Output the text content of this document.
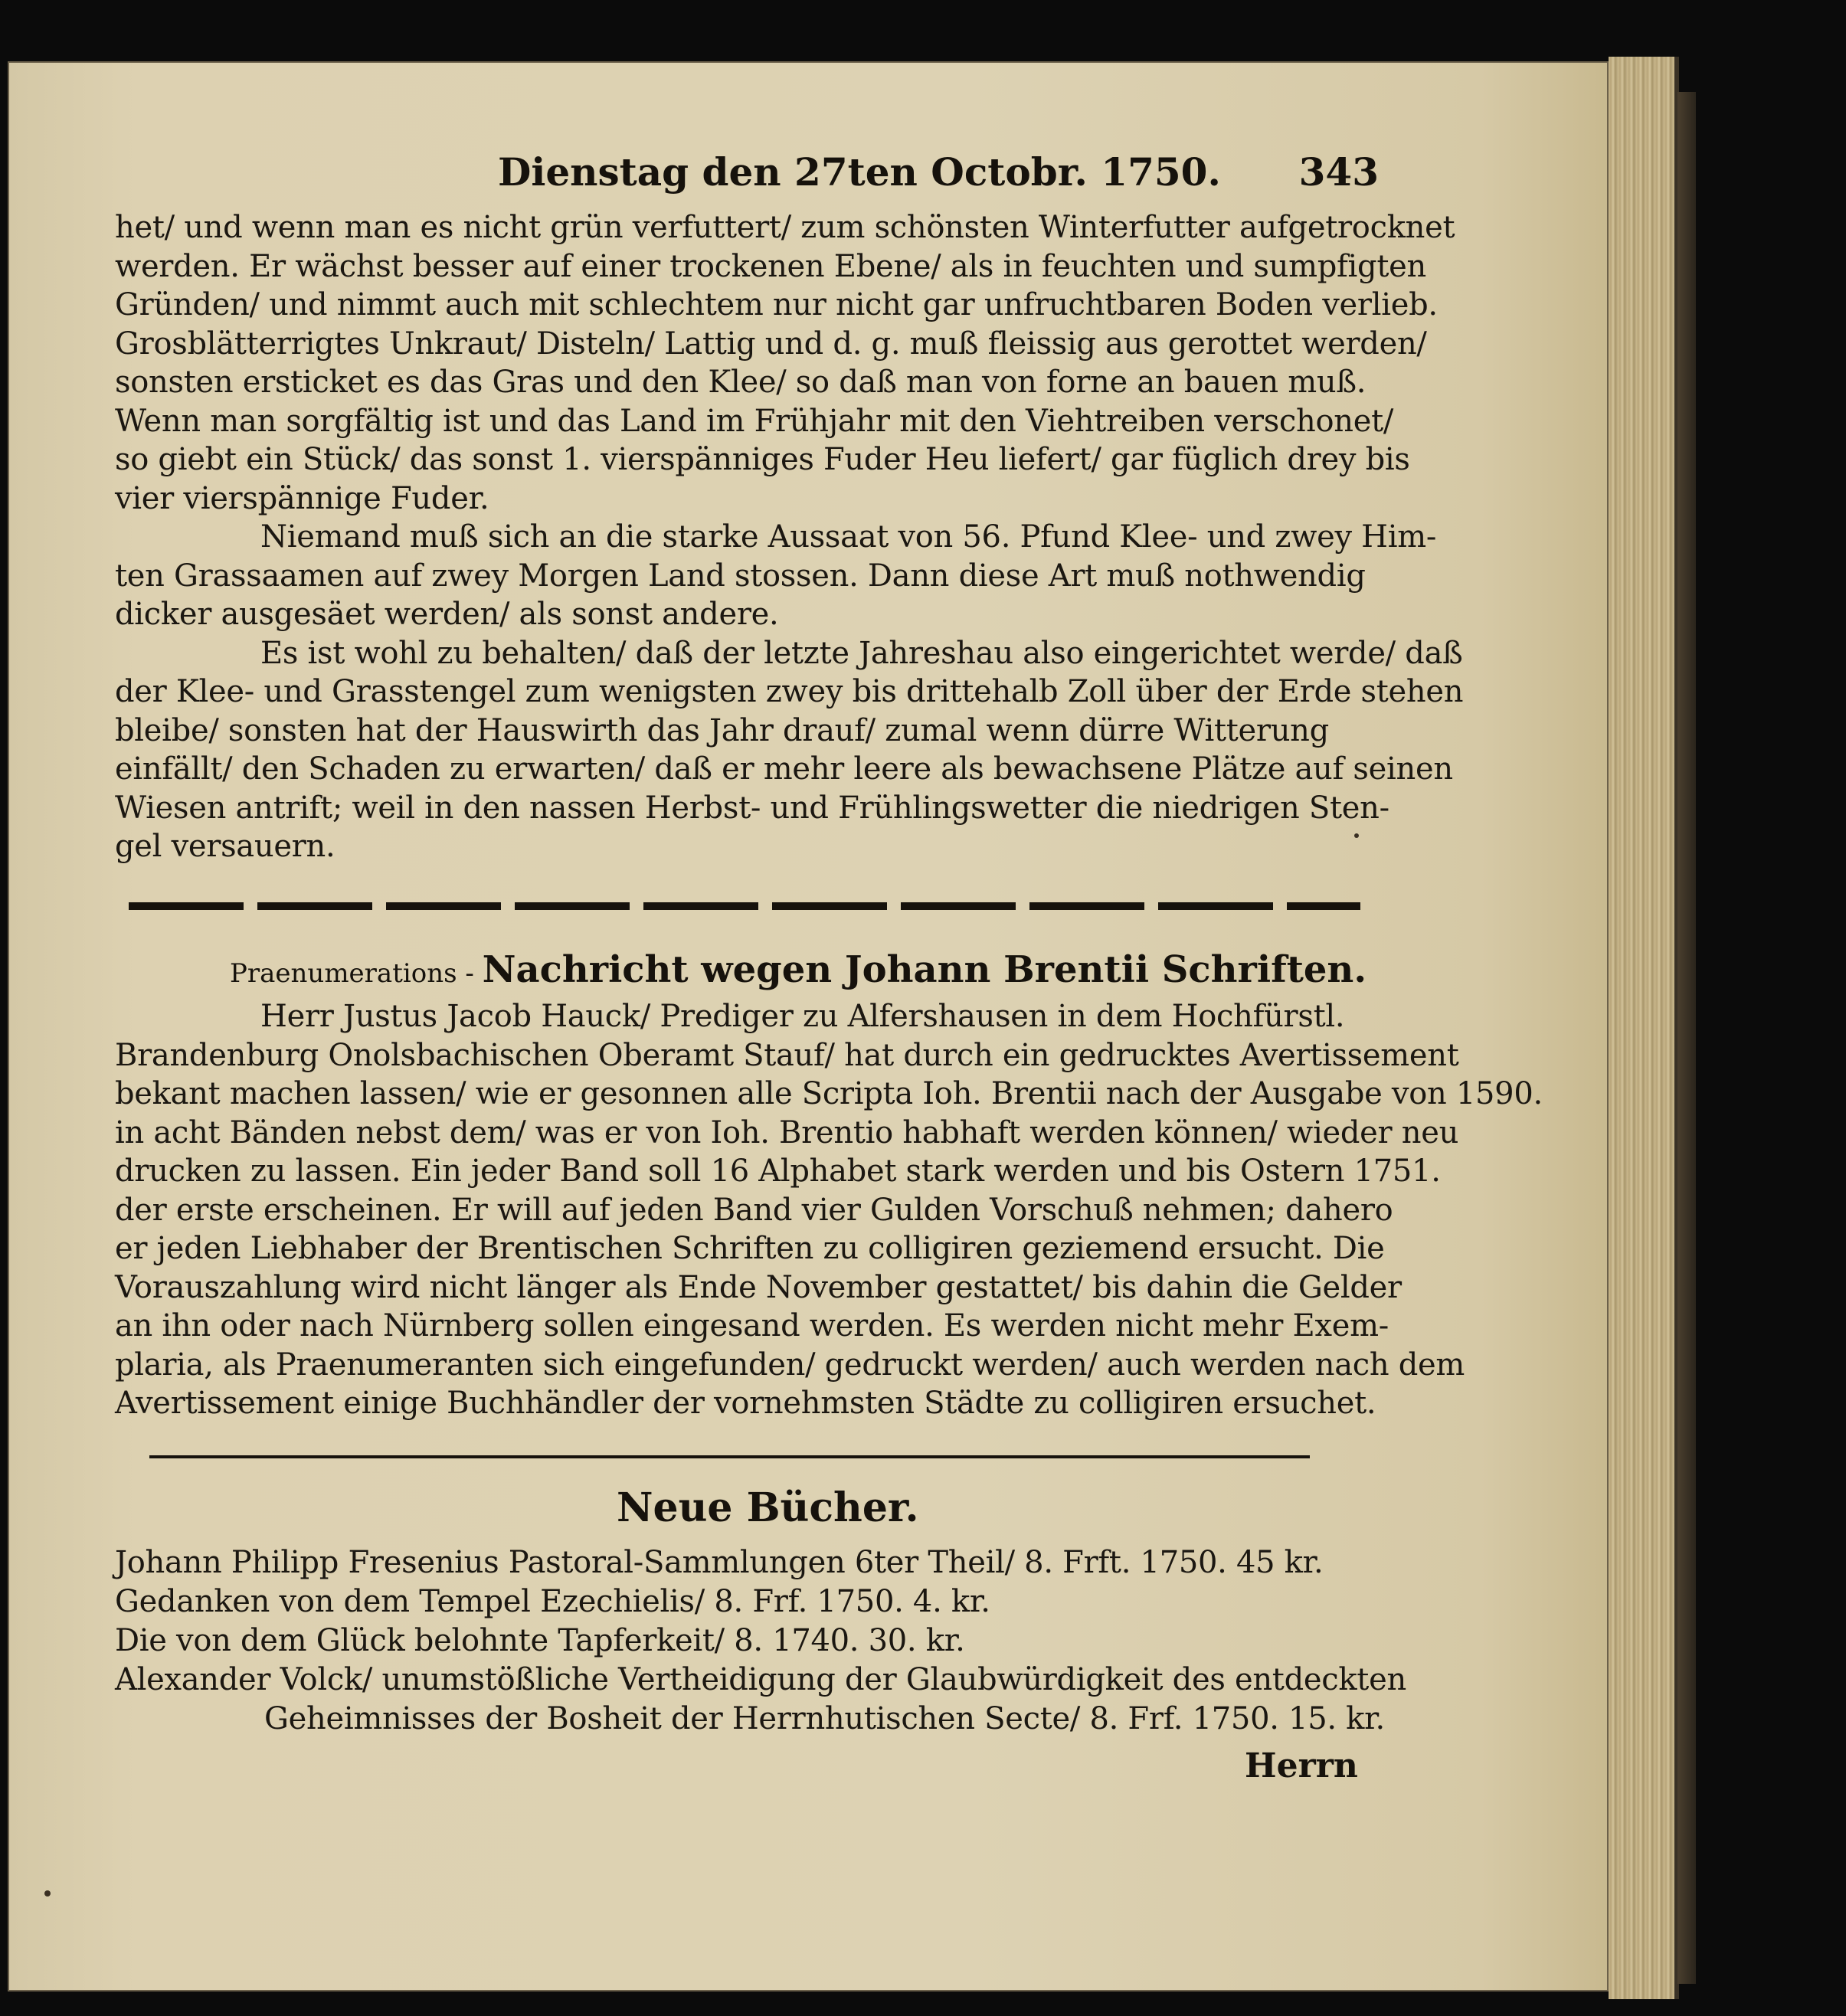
Dienstag den 27ten Octobr. 1750. 343
het/ und wenn man es nicht grün verfuttert/ zum schönsten Winterfutter aufgetrocknet
werden. Er wächst besser auf einer trockenen Ebene/ als in feuchten und sumpfigten
Gründen/ und nimmt auch mit schlechtem nur nicht gar unfruchtbaren Boden verlieb.
Grosblätterrigtes Unkraut/ Disteln/ Lattig und d. g. muß fleissig aus gerottet werden/
sonsten ersticket es das Gras und den Klee/ so daß man von forne an bauen muß.
Wenn man sorgfältig ist und das Land im Frühjahr mit den Viehtreiben verschonet/
so giebt ein Stück/ das sonst 1. vierspänniges Fuder Heu liefert/ gar füglich drey bis
vier vierspännige Fuder.
Niemand muß sich an die starke Aussaat von 56. Pfund Klee- und zwey Him-
ten Grassaamen auf zwey Morgen Land stossen. Dann diese Art muß nothwendig
dicker ausgesäet werden/ als sonst andere.
Es ist wohl zu behalten/ daß der letzte Jahreshau also eingerichtet werde/ daß
der Klee- und Grasstengel zum wenigsten zwey bis drittehalb Zoll über der Erde stehen
bleibe/ sonsten hat der Hauswirth das Jahr drauf/ zumal wenn dürre Witterung
einfällt/ den Schaden zu erwarten/ daß er mehr leere als bewachsene Plätze auf seinen
Wiesen antrift; weil in den nassen Herbst- und Frühlingswetter die niedrigen Sten-
gel versauern.
Praenumerations - Nachricht wegen Johann Brentii Schriften.
Herr Justus Jacob Hauck/ Prediger zu Alfershausen in dem Hochfürstl.
Brandenburg Onolsbachischen Oberamt Stauf/ hat durch ein gedrucktes Avertissement
bekant machen lassen/ wie er gesonnen alle Scripta Ioh. Brentii nach der Ausgabe von 1590.
in acht Bänden nebst dem/ was er von Ioh. Brentio habhaft werden können/ wieder neu
drucken zu lassen. Ein jeder Band soll 16 Alphabet stark werden und bis Ostern 1751.
der erste erscheinen. Er will auf jeden Band vier Gulden Vorschuß nehmen; dahero
er jeden Liebhaber der Brentischen Schriften zu colligiren geziemend ersucht. Die
Vorauszahlung wird nicht länger als Ende November gestattet/ bis dahin die Gelder
an ihn oder nach Nürnberg sollen eingesand werden. Es werden nicht mehr Exem-
plaria, als Praenumeranten sich eingefunden/ gedruckt werden/ auch werden nach dem
Avertissement einige Buchhändler der vornehmsten Städte zu colligiren ersuchet.
Neue Bücher.
Johann Philipp Fresenius Pastoral-Sammlungen 6ter Theil/ 8. Frft. 1750. 45 kr.
Gedanken von dem Tempel Ezechielis/ 8. Frf. 1750. 4. kr.
Die von dem Glück belohnte Tapferkeit/ 8. 1740. 30. kr.
Alexander Volck/ unumstößliche Vertheidigung der Glaubwürdigkeit des entdeckten
Geheimnisses der Bosheit der Herrnhutischen Secte/ 8. Frf. 1750. 15. kr.
Herrn
